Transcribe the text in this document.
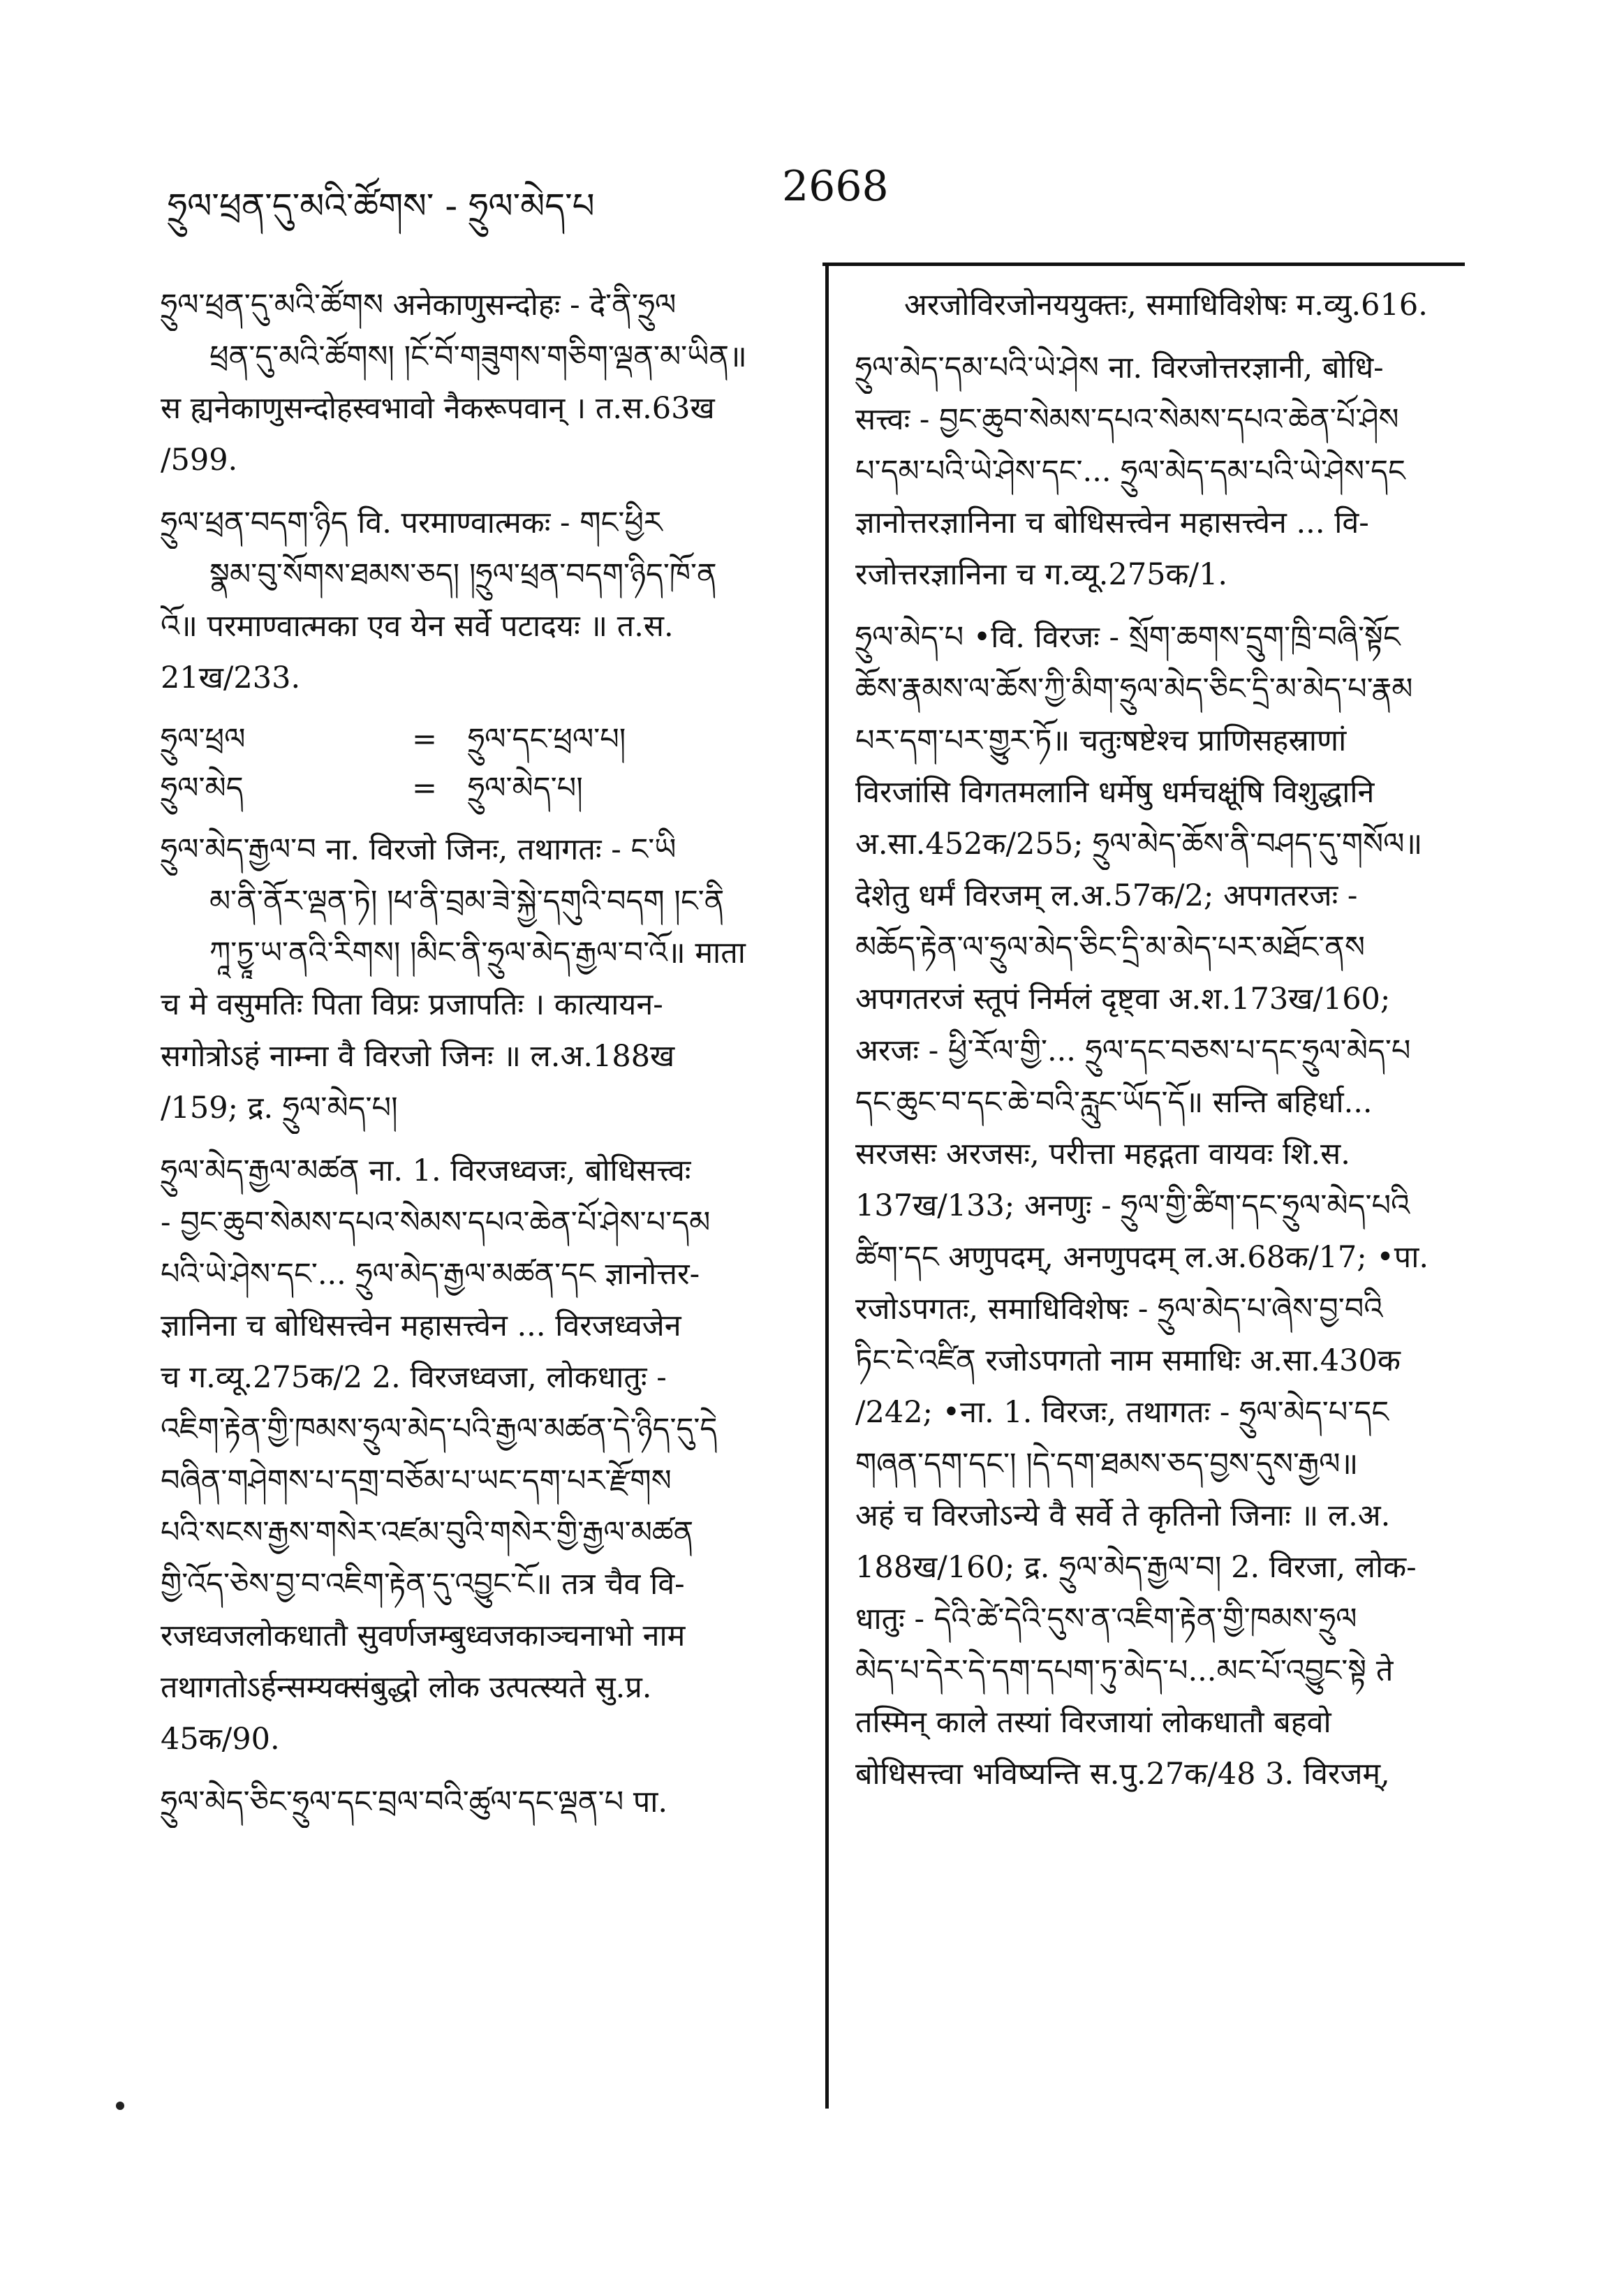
ཧྲུལ་ཕྲན་དུ་མའི་ཚོགས་ - ཧྲུལ་མེད་པ	2668
ཧྲུལ་ཕྲན་དུ་མའི་ཚོགས अनेकाणुसन्दोहः - दे་ནི་ཧྲུལ
ཕྲན་དུ་མའི་ཚོགས། །ངོ་བོ་གཟུགས་གཅིག་ལྡན་མ་ཡིན॥
स ह्यनेकाणुसन्दोहस्वभावो नैकरूपवान् । त.स.63ख
/599.
ཧྲུལ་ཕྲན་བདག་ཉིད वि. परमाण्वात्मकः - གང་ཕྱིར
སྣམ་བུ་སོགས་ཐམས་ཅད། །ཧྲུལ་ཕྲན་བདག་ཉིད་ཁོ་ན
འོ॥ परमाण्वात्मका एव येन सर्वे पटादयः ॥ त.स.
21ख/233.
ཧྲུལ་ཕྲལ	=	ཧྲུལ་དང་ཕྲལ་པ།
ཧྲུལ་མེད	=	ཧྲུལ་མེད་པ།
ཧྲུལ་མེད་རྒྱལ་བ ना. विरजो जिनः, तथागतः - ང་ཡི
མ་ནི་ནོར་ལྡན་ཏེ། །ཕ་ནི་བྲམ་ཟེ་སྐྱེ་དགུའི་བདག །ང་ནི
ཀཱ་ཏྱཱ་ཡ་ནའི་རིགས། །མིང་ནི་ཧྲུལ་མེད་རྒྱལ་བ་འོ॥ माता
च मे वसुमतिः पिता विप्रः प्रजापतिः । कात्यायन-
सगोत्रोऽहं नाम्ना वै विरजो जिनः ॥ ल.अ.188ख
/159; द्र. ཧྲུལ་མེད་པ།
ཧྲུལ་མེད་རྒྱལ་མཚན ना. 1. विरजध्वजः, बोधिसत्त्वः
- བྱང་ཆུབ་སེམས་དཔའ་སེམས་དཔའ་ཆེན་པོ་ཤེས་པ་དམ
པའི་ཡེ་ཤེས་དང་... ཧྲུལ་མེད་རྒྱལ་མཚན་དང ज्ञानोत्तर-
ज्ञानिना च बोधिसत्त्वेन महासत्त्वेन ... विरजध्वजेन
च ग.व्यू.275क/2 2. विरजध्वजा, लोकधातुः -
འཇིག་རྟེན་གྱི་ཁམས་ཧྲུལ་མེད་པའི་རྒྱལ་མཚན་དེ་ཉིད་དུ་དེ
བཞིན་གཤེགས་པ་དགྲ་བཅོམ་པ་ཡང་དག་པར་རྫོགས
པའི་སངས་རྒྱས་གསེར་འཛམ་བུའི་གསེར་གྱི་རྒྱལ་མཚན
གྱི་འོད་ཅེས་བྱ་བ་འཇིག་རྟེན་དུ་འབྱུང་ངོ॥ तत्र चैव वि-
रजध्वजलोकधातौ सुवर्णजम्बुध्वजकाञ्चनाभो नाम
तथागतोऽर्हन्सम्यक्संबुद्धो लोक उत्पत्स्यते सु.प्र.
45क/90.
ཧྲུལ་མེད་ཅིང་ཧྲུལ་དང་བྲལ་བའི་ཚུལ་དང་ལྡན་པ पा.
अरजोविरजोनययुक्तः, समाधिविशेषः म.व्यु.616.
ཧྲུལ་མེད་དམ་པའི་ཡེ་ཤེས ना. विरजोत्तरज्ञानी, बोधि-
सत्त्वः - བྱང་ཆུབ་སེམས་དཔའ་སེམས་དཔའ་ཆེན་པོ་ཤེས
པ་དམ་པའི་ཡེ་ཤེས་དང་... ཧྲུལ་མེད་དམ་པའི་ཡེ་ཤེས་དང
ज्ञानोत्तरज्ञानिना च बोधिसत्त्वेन महासत्त्वेन ... वि-
रजोत्तरज्ञानिना च ग.व्यू.275क/1.
ཧྲུལ་མེད་པ •वि. विरजः - སྲོག་ཆགས་དྲུག་ཁྲི་བཞི་སྟོང
ཆོས་རྣམས་ལ་ཆོས་ཀྱི་མིག་ཧྲུལ་མེད་ཅིང་དྲི་མ་མེད་པ་རྣམ
པར་དག་པར་གྱུར་ཏོ॥ चतुःषष्टेश्च प्राणिसहस्राणां
विरजांसि विगतमलानि धर्मेषु धर्मचक्षूंषि विशुद्धानि
अ.सा.452क/255; ཧྲུལ་མེད་ཆོས་ནི་བཤད་དུ་གསོལ॥
देशेतु धर्मं विरजम् ल.अ.57क/2; अपगतरजः -
མཆོད་རྟེན་ལ་ཧྲུལ་མེད་ཅིང་དྲི་མ་མེད་པར་མཐོང་ནས
अपगतरजं स्तूपं निर्मलं दृष्ट्वा अ.श.173ख/160;
अरजः - ཕྱི་རོལ་གྱི་... ཧྲུལ་དང་བཅས་པ་དང་ཧྲུལ་མེད་པ
དང་ཆུང་བ་དང་ཆེ་བའི་རླུང་ཡོད་དོ॥ सन्ति बहिर्धा...
सरजसः अरजसः, परीत्ता महद्गता वायवः शि.स.
137ख/133; अनणुः - ཧྲུལ་གྱི་ཚིག་དང་ཧྲུལ་མེད་པའི
ཚིག་དང अणुपदम्, अनणुपदम् ल.अ.68क/17; •पा.
रजोऽपगतः, समाधिविशेषः - ཧྲུལ་མེད་པ་ཞེས་བྱ་བའི
ཏིང་ངེ་འཛིན रजोऽपगतो नाम समाधिः अ.सा.430क
/242; •ना. 1. विरजः, तथागतः - ཧྲུལ་མེད་པ་དང
གཞན་དག་དང་། །དེ་དག་ཐམས་ཅད་བྱས་དུས་རྒྱལ॥
अहं च विरजोऽन्ये वै सर्वे ते कृतिनो जिनाः ॥ ल.अ.
188ख/160; द्र. ཧྲུལ་མེད་རྒྱལ་བ། 2. विरजा, लोक-
धातुः - དེའི་ཚེ་དེའི་དུས་ན་འཇིག་རྟེན་གྱི་ཁམས་ཧྲུལ
མེད་པ་དེར་དེ་དག་དཔག་ཏུ་མེད་པ...མང་པོ་འབྱུང་སྟེ ते
तस्मिन् काले तस्यां विरजायां लोकधातौ बहवो
बोधिसत्त्वा भविष्यन्ति स.पु.27क/48 3. विरजम्,
